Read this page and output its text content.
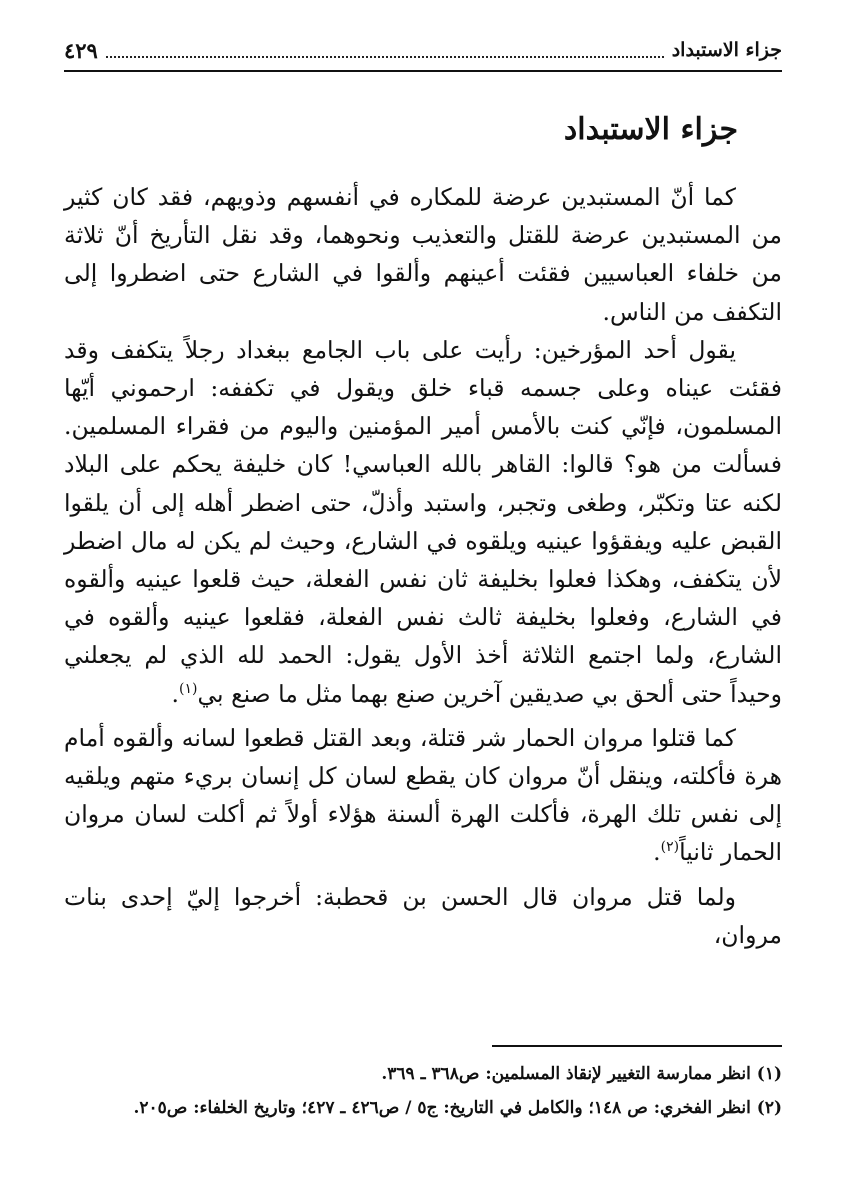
جزاء الاستبداد
٤٢٩
جزاء الاستبداد

كما أنّ المستبدين عرضة للمكاره في أنفسهم وذويهم، فقد كان كثير من المستبدين عرضة للقتل والتعذيب ونحوهما، وقد نقل التأريخ أنّ ثلاثة من خلفاء العباسيين فقئت أعينهم وألقوا في الشارع حتى اضطروا إلى التكفف من الناس.

يقول أحد المؤرخين: رأيت على باب الجامع ببغداد رجلاً يتكفف وقد فقئت عيناه وعلى جسمه قباء خلق ويقول في تكففه: ارحموني أيّها المسلمون، فإنّي كنت بالأمس أمير المؤمنين واليوم من فقراء المسلمين. فسألت من هو؟ قالوا: القاهر بالله العباسي! كان خليفة يحكم على البلاد لكنه عتا وتكبّر، وطغى وتجبر، واستبد وأذلّ، حتى اضطر أهله إلى أن يلقوا القبض عليه ويفقؤوا عينيه ويلقوه في الشارع، وحيث لم يكن له مال اضطر لأن يتكفف، وهكذا فعلوا بخليفة ثان نفس الفعلة، حيث قلعوا عينيه وألقوه في الشارع، وفعلوا بخليفة ثالث نفس الفعلة، فقلعوا عينيه وألقوه في الشارع، ولما اجتمع الثلاثة أخذ الأول يقول: الحمد لله الذي لم يجعلني وحيداً حتى ألحق بي صديقين آخرين صنع بهما مثل ما صنع بي$^{(١)}$.

كما قتلوا مروان الحمار شر قتلة، وبعد القتل قطعوا لسانه وألقوه أمام هرة فأكلته، وينقل أنّ مروان كان يقطع لسان كل إنسان بريء متهم ويلقيه إلى نفس تلك الهرة، فأكلت الهرة ألسنة هؤلاء أولاً ثم أكلت لسان مروان الحمار ثانياً$^{(٢)}$.

ولما قتل مروان قال الحسن بن قحطبة: أخرجوا إليّ إحدى بنات مروان،

(١) انظر ممارسة التغيير لإنقاذ المسلمين: ص٣٦٨ ـ ٣٦٩.

(٢) انظر الفخري: ص ١٤٨؛ والكامل في التاريخ: ج٥ / ص٤٢٦ ـ ٤٢٧؛ وتاريخ الخلفاء: ص٢٠٥.
